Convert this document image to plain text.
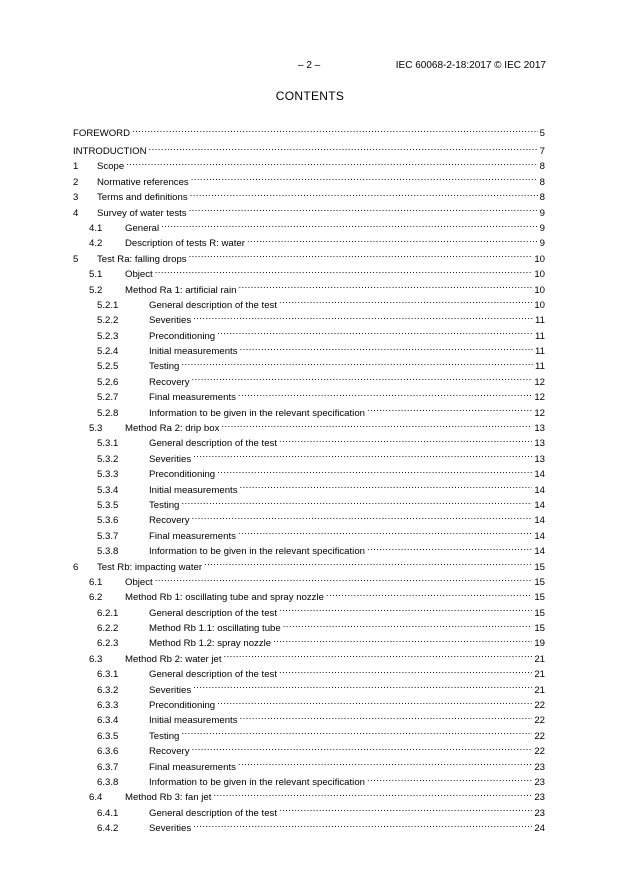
– 2 –	IEC 60068-2-18:2017 © IEC 2017
CONTENTS
FOREWORD .....	5
INTRODUCTION .....	7
1	Scope .....	8
2	Normative references .....	8
3	Terms and definitions .....	8
4	Survey of water tests .....	9
4.1	General .....	9
4.2	Description of tests R: water .....	9
5	Test Ra: falling drops .....	10
5.1	Object .....	10
5.2	Method Ra 1: artificial rain .....	10
5.2.1	General description of the test .....	10
5.2.2	Severities .....	11
5.2.3	Preconditioning .....	11
5.2.4	Initial measurements .....	11
5.2.5	Testing .....	11
5.2.6	Recovery .....	12
5.2.7	Final measurements .....	12
5.2.8	Information to be given in the relevant specification .....	12
5.3	Method Ra 2: drip box .....	13
5.3.1	General description of the test .....	13
5.3.2	Severities .....	13
5.3.3	Preconditioning .....	14
5.3.4	Initial measurements .....	14
5.3.5	Testing .....	14
5.3.6	Recovery .....	14
5.3.7	Final measurements .....	14
5.3.8	Information to be given in the relevant specification .....	14
6	Test Rb: impacting water .....	15
6.1	Object .....	15
6.2	Method Rb 1: oscillating tube and spray nozzle .....	15
6.2.1	General description of the test .....	15
6.2.2	Method Rb 1.1: oscillating tube .....	15
6.2.3	Method Rb 1.2: spray nozzle .....	19
6.3	Method Rb 2: water jet .....	21
6.3.1	General description of the test .....	21
6.3.2	Severities .....	21
6.3.3	Preconditioning .....	22
6.3.4	Initial measurements .....	22
6.3.5	Testing .....	22
6.3.6	Recovery .....	22
6.3.7	Final measurements .....	23
6.3.8	Information to be given in the relevant specification .....	23
6.4	Method Rb 3: fan jet .....	23
6.4.1	General description of the test .....	23
6.4.2	Severities .....	24
